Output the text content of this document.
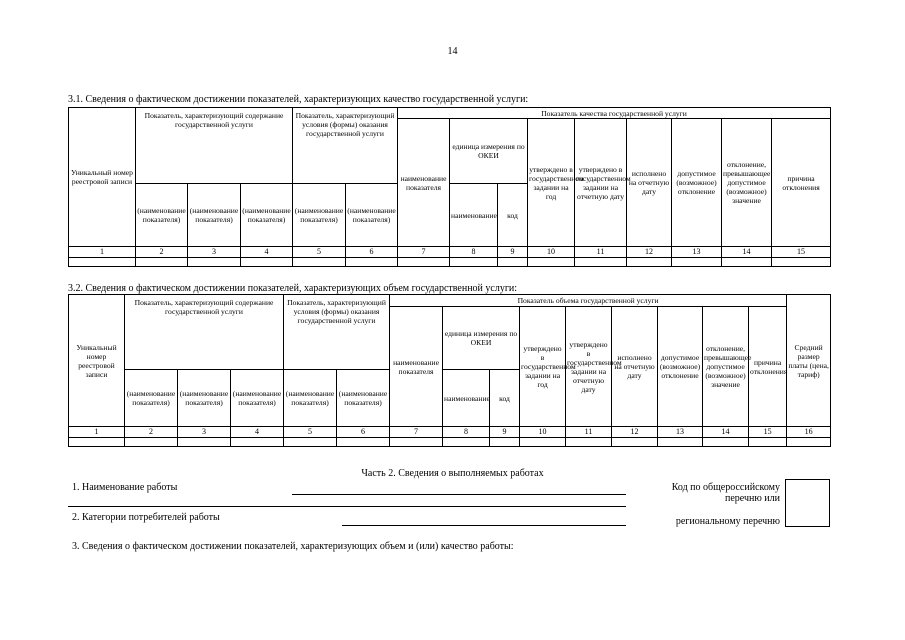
14
3.1. Сведения о фактическом достижении показателей, характеризующих качество государственной услуги:
Уникальный номер реестровой записи	Показатель, характеризующий содержание государственной услуги			Показатель, характеризующий условия (формы) оказания государственной услуги		Показатель качества государственной услуги								
						наименование показателя	единица измерения по ОКЕИ		утверждено в государственном задании на год	утверждено в государственном задании на отчетную дату	исполнено на отчетную дату	допустимое (возможное) отклонение	отклонение, превышающее допустимое (возможное) значение	причина отклонения
	(наименование показателя)	(наименование показателя)	(наименование показателя)	(наименование показателя)	(наименование показателя)		наименование	код						
1	2	3	4	5	6	7	8	9	10	11	12	13	14	15

3.2. Сведения о фактическом достижении показателей, характеризующих объем государственной услуги:
Уникальный номер реестровой записи	Показатель, характеризующий содержание государственной услуги			Показатель, характеризующий условия (формы) оказания государственной услуги		Показатель объема государственной услуги									Средний размер платы (цена, тариф)
						наименование показателя	единица измерения по ОКЕИ		утверждено в государственном задании на год	утверждено в государственном задании на отчетную дату	исполнено на отчетную дату	допустимое (возможное) отклонение	отклонение, превышающее допустимое (возможное) значение	причина отклонения	
	(наименование показателя)	(наименование показателя)	(наименование показателя)	(наименование показателя)	(наименование показателя)		наименование	код							
1	2	3	4	5	6	7	8	9	10	11	12	13	14	15	16

Часть 2. Сведения о выполняемых работах
1. Наименование работы
2. Категории потребителей работы
Код по общероссийскому
перечню или
региональному перечню
3. Сведения о фактическом достижении показателей, характеризующих объем и (или) качество работы:
